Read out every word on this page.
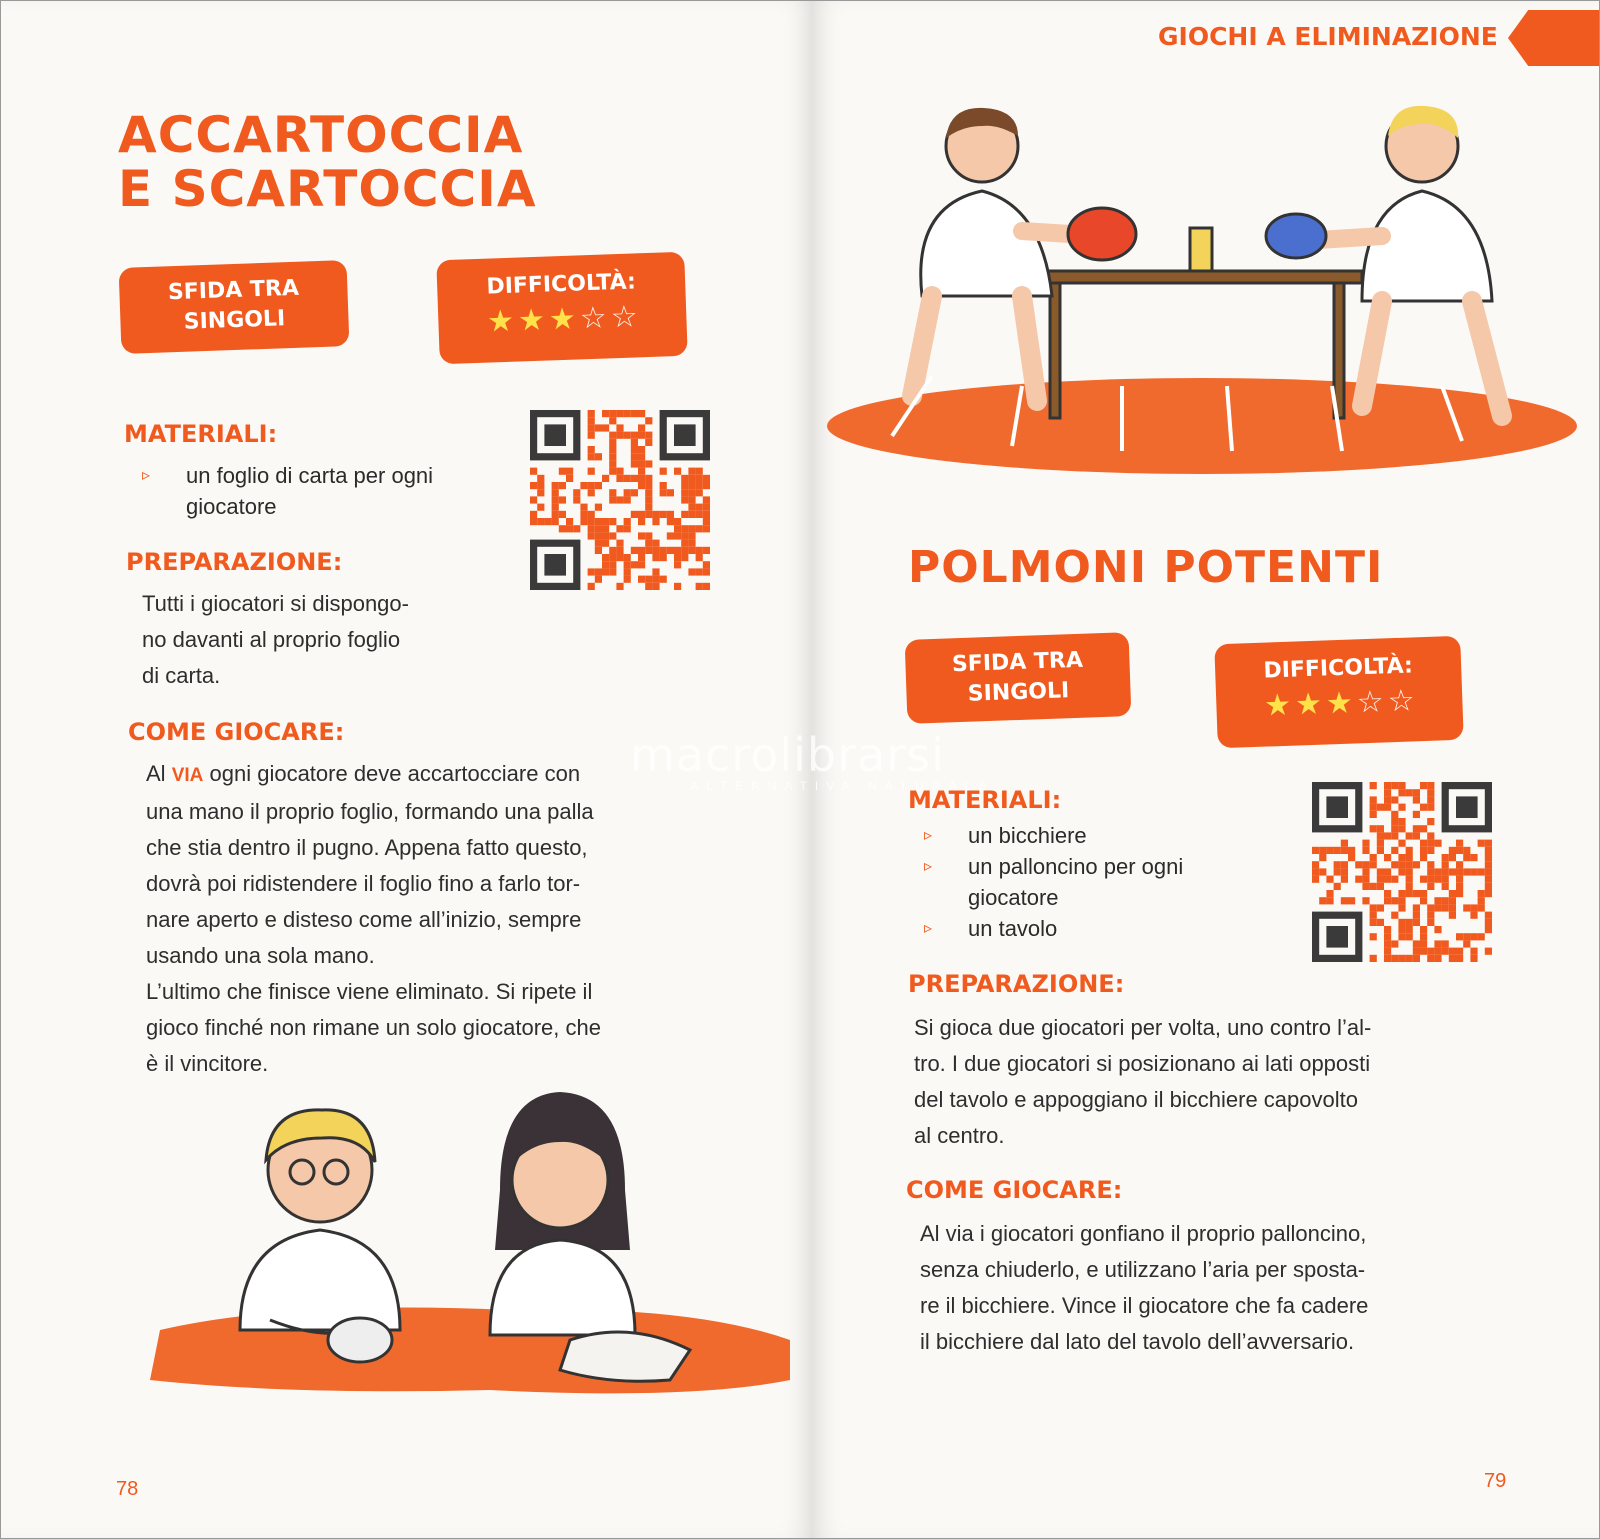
ACCARTOCCIA
E SCARTOCCIA
SFIDA TRA
SINGOLI
DIFFICOLTÀ:
★ ★ ★ ☆ ☆
MATERIALI:
▹ un foglio di carta per ogni giocatore
PREPARAZIONE:
Tutti i giocatori si dispongo-
no davanti al proprio foglio
di carta.
COME GIOCARE:
Al VIA ogni giocatore deve accartocciare con
una mano il proprio foglio, formando una palla
che stia dentro il pugno. Appena fatto questo,
dovrà poi ridistendere il foglio fino a farlo tor-
nare aperto e disteso come all’inizio, sempre
usando una sola mano.
L’ultimo che finisce viene eliminato. Si ripete il
gioco finché non rimane un solo giocatore, che
è il vincitore.
78
GIOCHI A ELIMINAZIONE
POLMONI POTENTI
SFIDA TRA
SINGOLI
DIFFICOLTÀ:
★ ★ ★ ☆ ☆
MATERIALI:
▹ un bicchiere
▹ un palloncino per ogni giocatore
▹ un tavolo
PREPARAZIONE:
Si gioca due giocatori per volta, uno contro l’al-
tro. I due giocatori si posizionano ai lati opposti
del tavolo e appoggiano il bicchiere capovolto
al centro.
COME GIOCARE:
Al via i giocatori gonfiano il proprio palloncino,
senza chiuderlo, e utilizzano l’aria per sposta-
re il bicchiere. Vince il giocatore che fa cadere
il bicchiere dal lato del tavolo dell’avversario.
79
macrolibrarsi
ALTERNATIVA NATURALE
